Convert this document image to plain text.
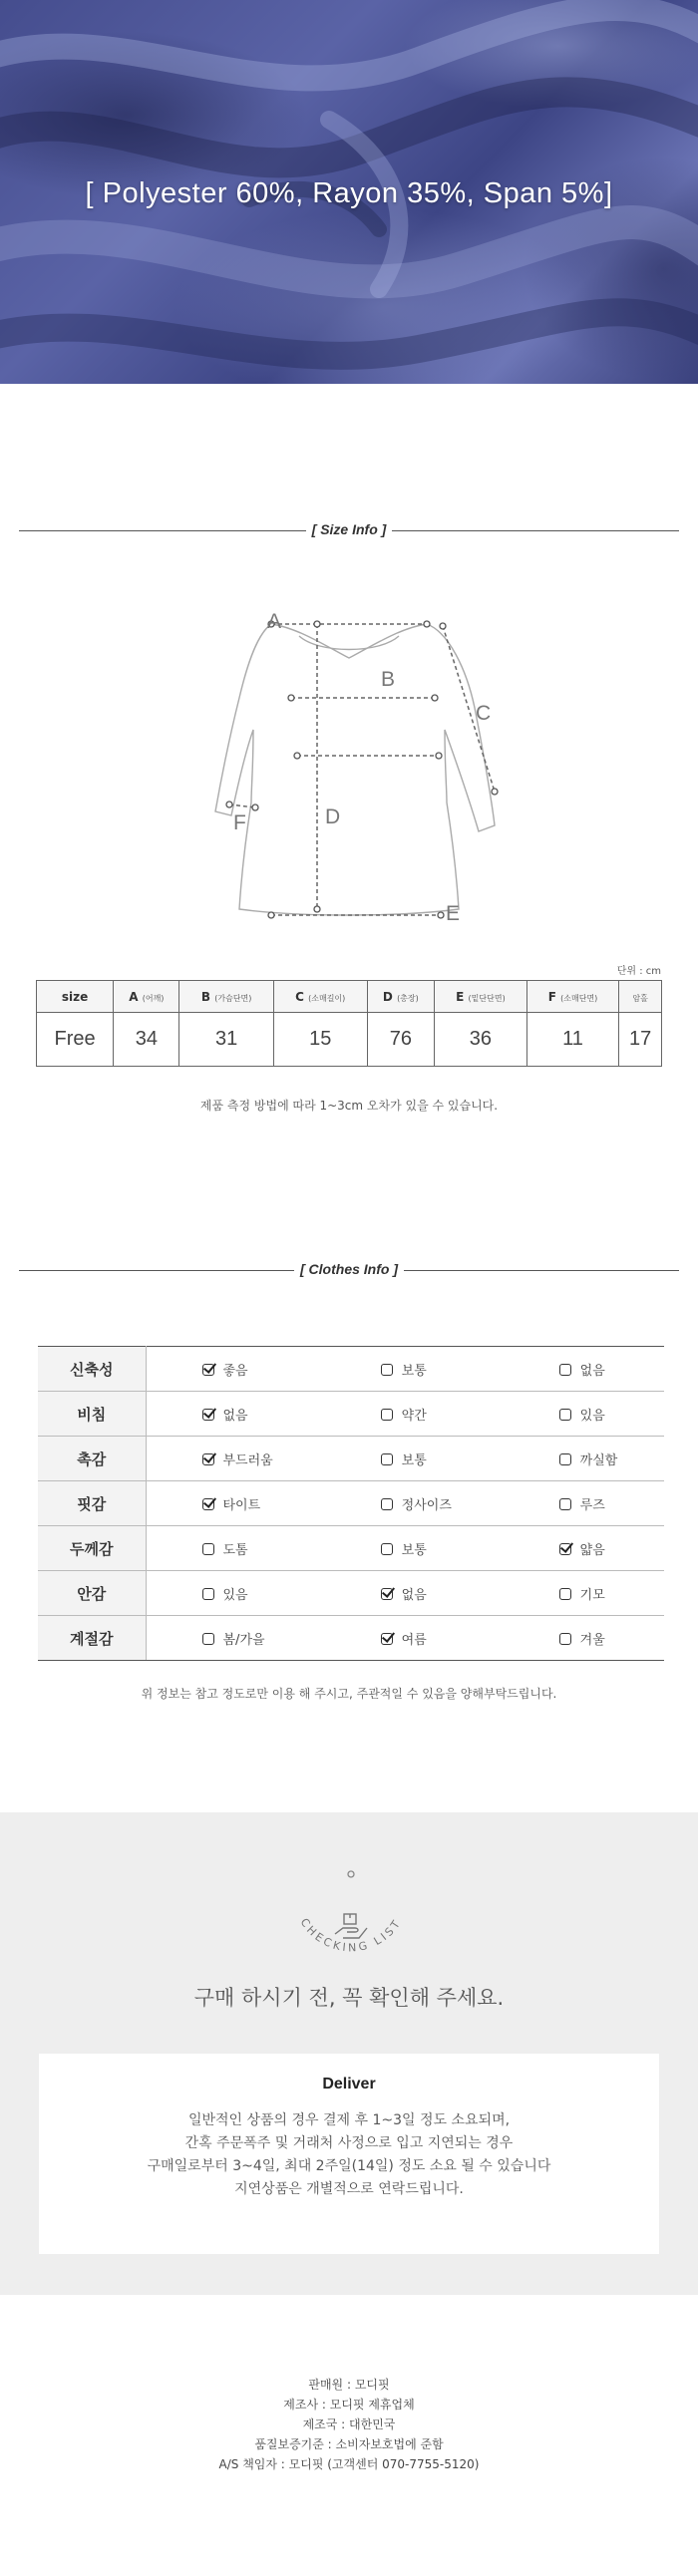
[ Polyester 60%, Rayon 35%, Span 5%]
[ Size Info ]
A
B
C
D
E
F
단위 : cm
size	A (어깨)	B (가슴단면)	C (소매길이)	D (총장)	E (밑단단면)	F (소매단면)	암홀
Free	34	31	15	76	36	11	17
제품 측정 방법에 따라 1~3cm 오차가 있을 수 있습니다.
[ Clothes Info ]
신축성	좋음	보통	없음
비침	없음	약간	있음
촉감	부드러움	보통	까실함
핏감	타이트	정사이즈	루즈
두께감	도톰	보통	얇음
안감	있음	없음	기모
계절감	봄/가을	여름	겨울
위 정보는 참고 정도로만 이용 해 주시고, 주관적일 수 있음을 양해부탁드립니다.
CHECKING LIST
구매 하시기 전, 꼭 확인해 주세요.
Deliver
일반적인 상품의 경우 결제 후 1~3일 정도 소요되며,
간혹 주문폭주 및 거래처 사정으로 입고 지연되는 경우
구매일로부터 3~4일, 최대 2주일(14일) 정도 소요 될 수 있습니다
지연상품은 개별적으로 연락드립니다.
판매원 : 모디핏
제조사 : 모디핏 제휴업체
제조국 : 대한민국
품질보증기준 : 소비자보호법에 준함
A/S 책임자 : 모디핏 (고객센터 070-7755-5120)
